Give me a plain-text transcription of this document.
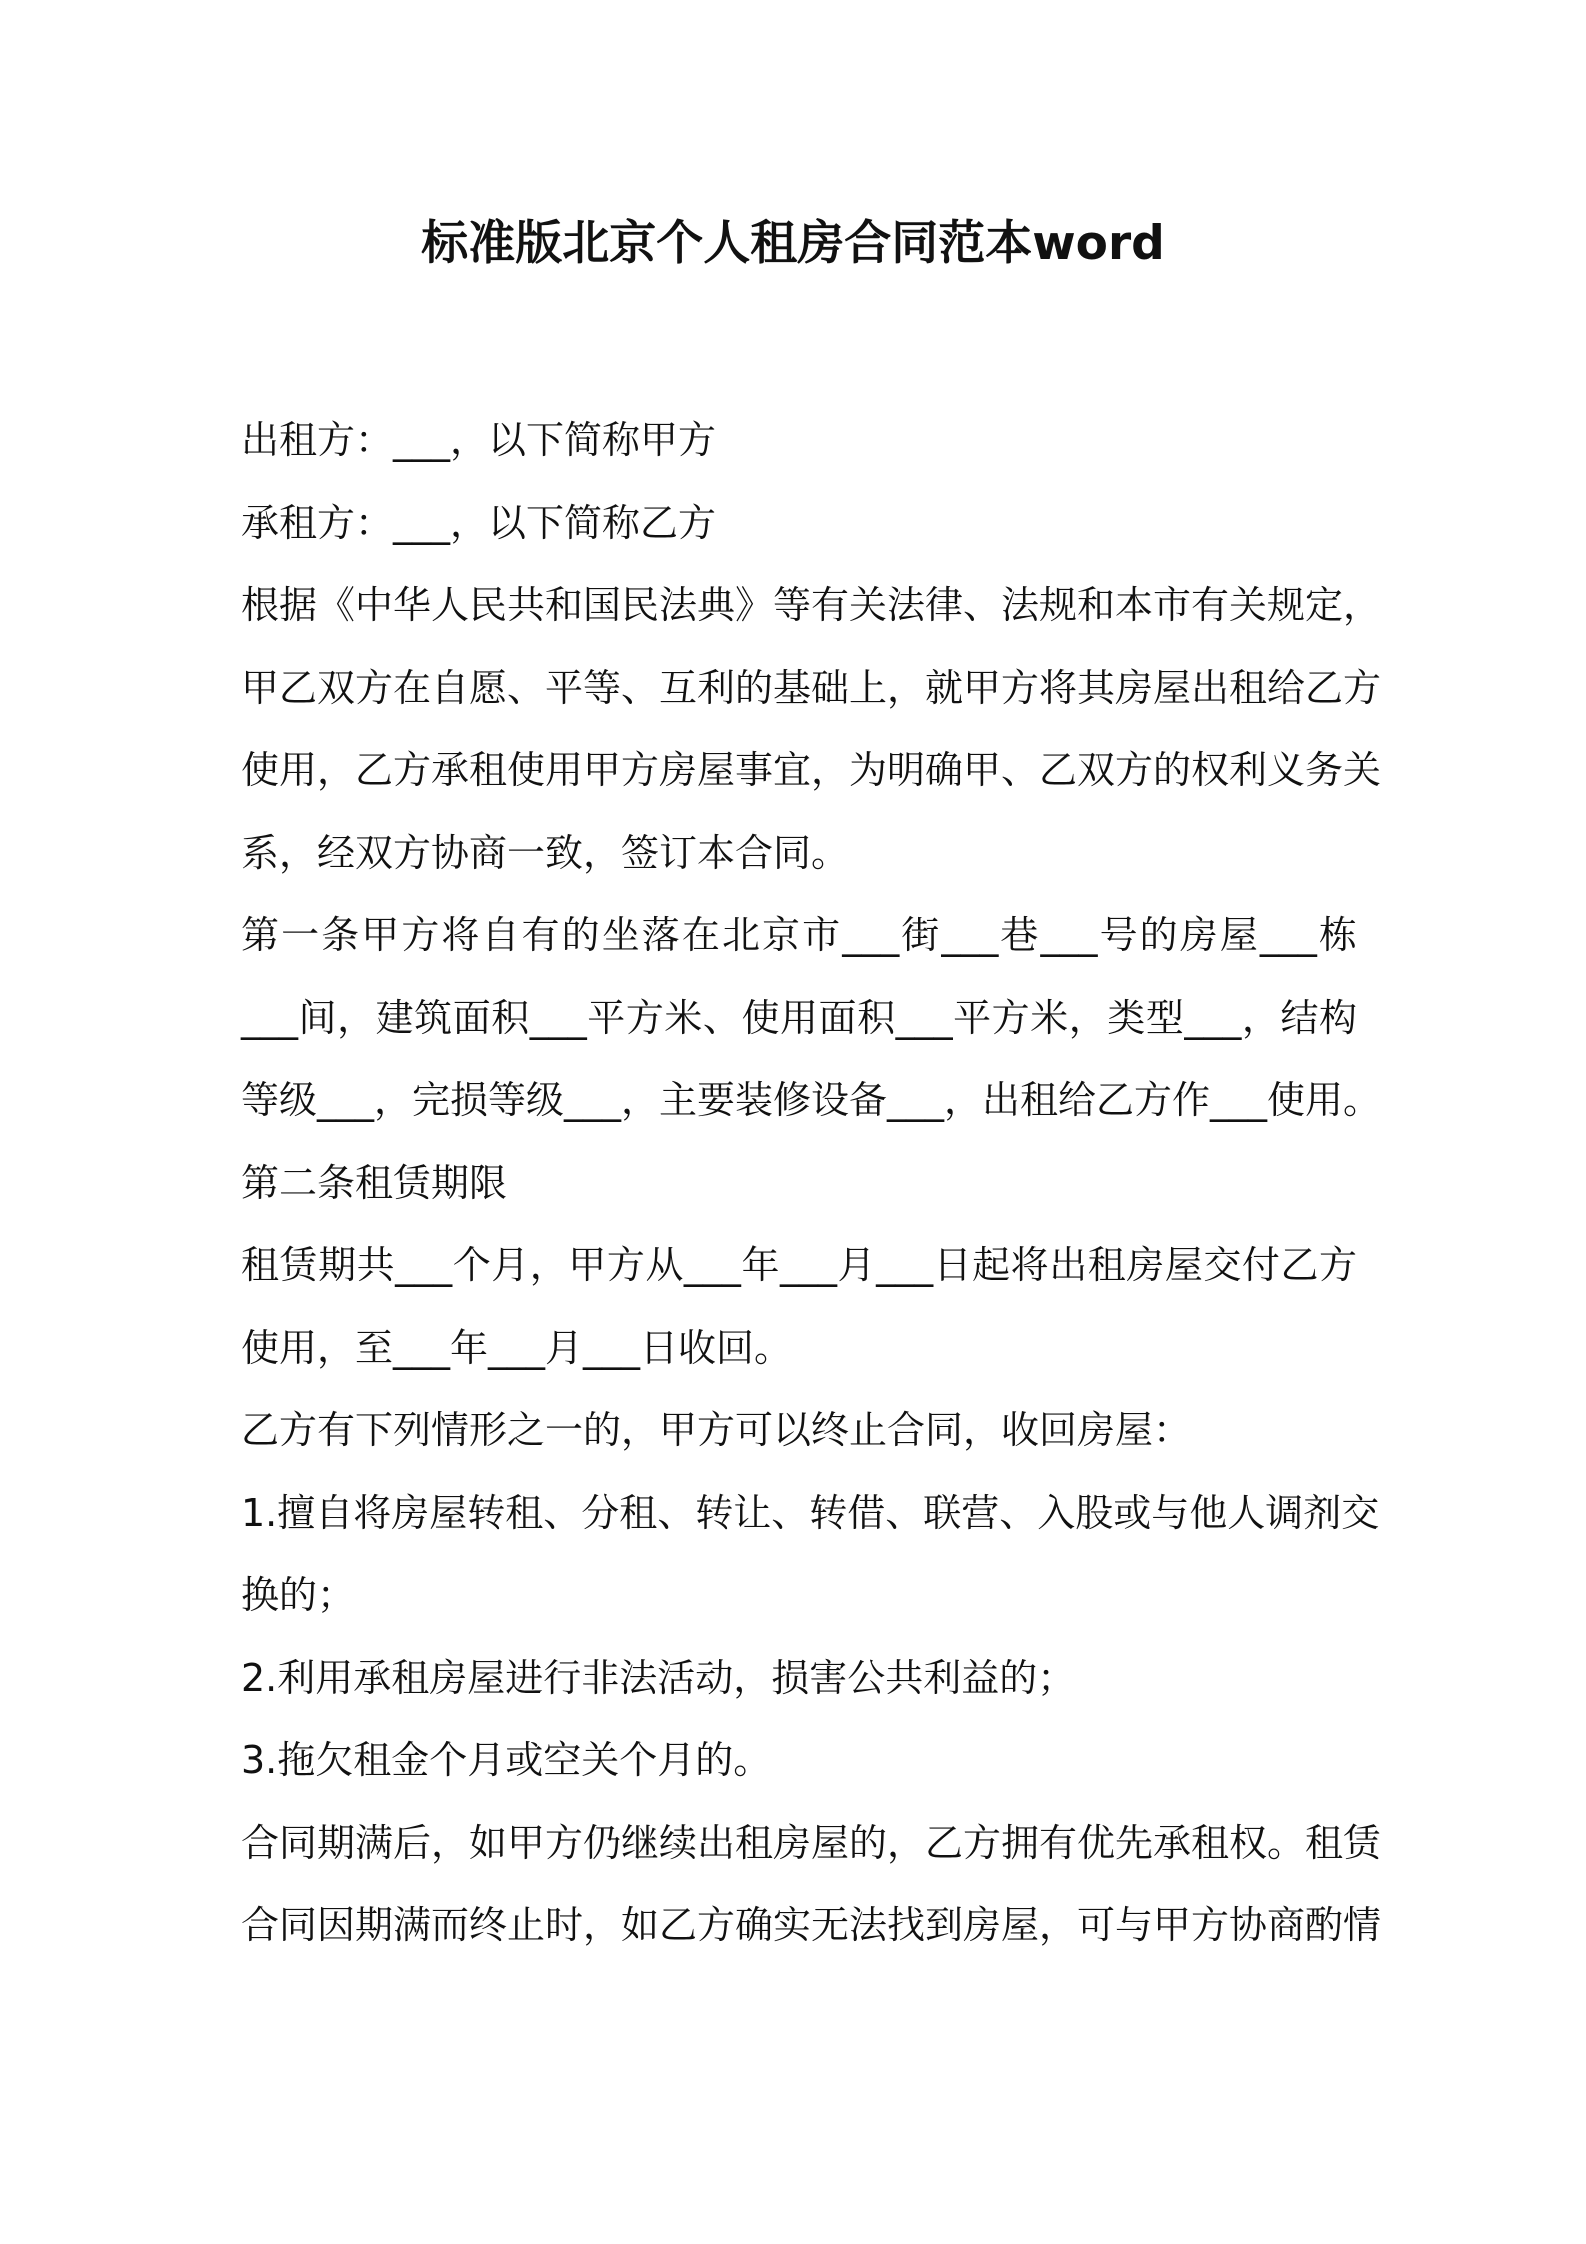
标准版北京个人租房合同范本word
出租方：___，以下简称甲方
承租方：___，以下简称乙方
根据《中华人民共和国民法典》等有关法律、法规和本市有关规定，
甲乙双方在自愿、平等、互利的基础上，就甲方将其房屋出租给乙方
使用，乙方承租使用甲方房屋事宜，为明确甲、乙双方的权利义务关
系，经双方协商一致，签订本合同。
第一条甲方将自有的坐落在北京市___街___巷___号的房屋___栋
___间，建筑面积___平方米、使用面积___平方米，类型___，结构
等级___，完损等级___，主要装修设备___，出租给乙方作___使用。
第二条租赁期限
租赁期共___个月，甲方从___年___月___日起将出租房屋交付乙方
使用，至___年___月___日收回。
乙方有下列情形之一的，甲方可以终止合同，收回房屋：
1.擅自将房屋转租、分租、转让、转借、联营、入股或与他人调剂交
换的；
2.利用承租房屋进行非法活动，损害公共利益的；
3.拖欠租金个月或空关个月的。
合同期满后，如甲方仍继续出租房屋的，乙方拥有优先承租权。租赁
合同因期满而终止时，如乙方确实无法找到房屋，可与甲方协商酌情
